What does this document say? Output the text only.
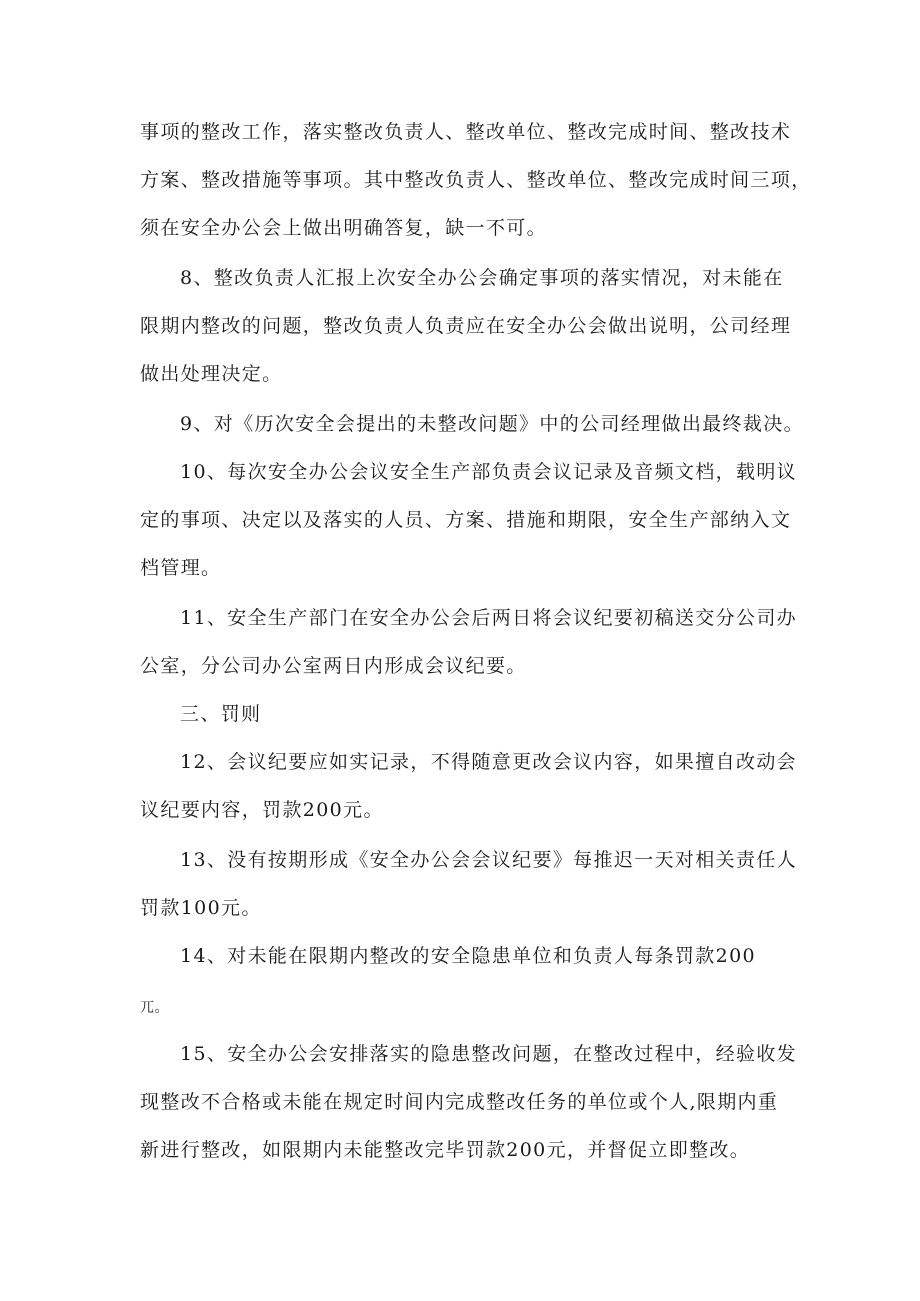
事项的整改工作，落实整改负责人、整改单位、整改完成时间、整改技术
方案、整改措施等事项。其中整改负责人、整改单位、整改完成时间三项，
须在安全办公会上做出明确答复，缺一不可。
8、整改负责人汇报上次安全办公会确定事项的落实情况，对未能在
限期内整改的问题，整改负责人负责应在安全办公会做出说明，公司经理
做出处理决定。
9、对《历次安全会提出的未整改问题》中的公司经理做出最终裁决。
10、每次安全办公会议安全生产部负责会议记录及音频文档，载明议
定的事项、决定以及落实的人员、方案、措施和期限，安全生产部纳入文
档管理。
11、安全生产部门在安全办公会后两日将会议纪要初稿送交分公司办
公室，分公司办公室两日内形成会议纪要。
三、罚则
12、会议纪要应如实记录，不得随意更改会议内容，如果擅自改动会
议纪要内容，罚款200元。
13、没有按期形成《安全办公会会议纪要》每推迟一天对相关责任人
罚款100元。
14、对未能在限期内整改的安全隐患单位和负责人每条罚款200
兀。
15、安全办公会安排落实的隐患整改问题，在整改过程中，经验收发
现整改不合格或未能在规定时间内完成整改任务的单位或个人,限期内重
新进行整改，如限期内未能整改完毕罚款200元，并督促立即整改。
